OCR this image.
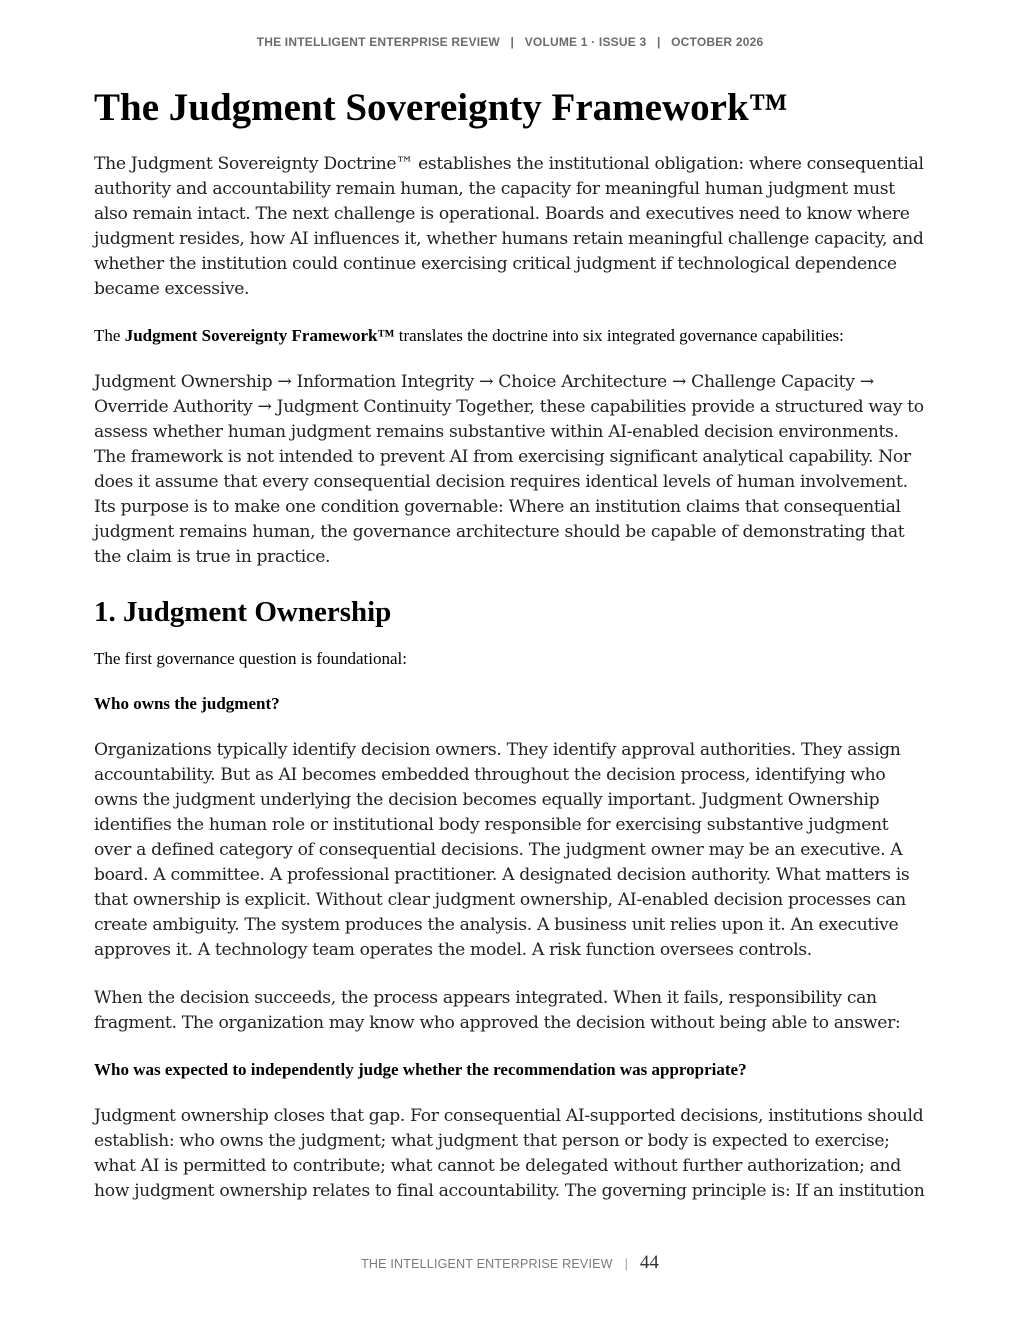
THE INTELLIGENT ENTERPRISE REVIEW   |   VOLUME 1 · ISSUE 3   |   OCTOBER 2026
The Judgment Sovereignty Framework™

The Judgment Sovereignty Doctrine™ establishes the institutional obligation: where consequential authority and accountability remain human, the capacity for meaningful human judgment must also remain intact. The next challenge is operational. Boards and executives need to know where judgment resides, how AI influences it, whether humans retain meaningful challenge capacity, and whether the institution could continue exercising critical judgment if technological dependence became excessive.

The Judgment Sovereignty Framework™ translates the doctrine into six integrated governance capabilities:

Judgment Ownership → Information Integrity → Choice Architecture → Challenge Capacity → Override Authority → Judgment Continuity Together, these capabilities provide a structured way to assess whether human judgment remains substantive within AI-enabled decision environments. The framework is not intended to prevent AI from exercising significant analytical capability. Nor does it assume that every consequential decision requires identical levels of human involvement. Its purpose is to make one condition governable: Where an institution claims that consequential judgment remains human, the governance architecture should be capable of demonstrating that the claim is true in practice.

1. Judgment Ownership

The first governance question is foundational:

Who owns the judgment?

Organizations typically identify decision owners. They identify approval authorities. They assign accountability. But as AI becomes embedded throughout the decision process, identifying who owns the judgment underlying the decision becomes equally important. Judgment Ownership identifies the human role or institutional body responsible for exercising substantive judgment over a defined category of consequential decisions. The judgment owner may be an executive. A board. A committee. A professional practitioner. A designated decision authority. What matters is that ownership is explicit. Without clear judgment ownership, AI-enabled decision processes can create ambiguity. The system produces the analysis. A business unit relies upon it. An executive approves it. A technology team operates the model. A risk function oversees controls.

When the decision succeeds, the process appears integrated. When it fails, responsibility can fragment. The organization may know who approved the decision without being able to answer:

Who was expected to independently judge whether the recommendation was appropriate?

Judgment ownership closes that gap. For consequential AI-supported decisions, institutions should establish: who owns the judgment; what judgment that person or body is expected to exercise; what AI is permitted to contribute; what cannot be delegated without further authorization; and how judgment ownership relates to final accountability. The governing principle is: If an institution

THE INTELLIGENT ENTERPRISE REVIEW | 44
